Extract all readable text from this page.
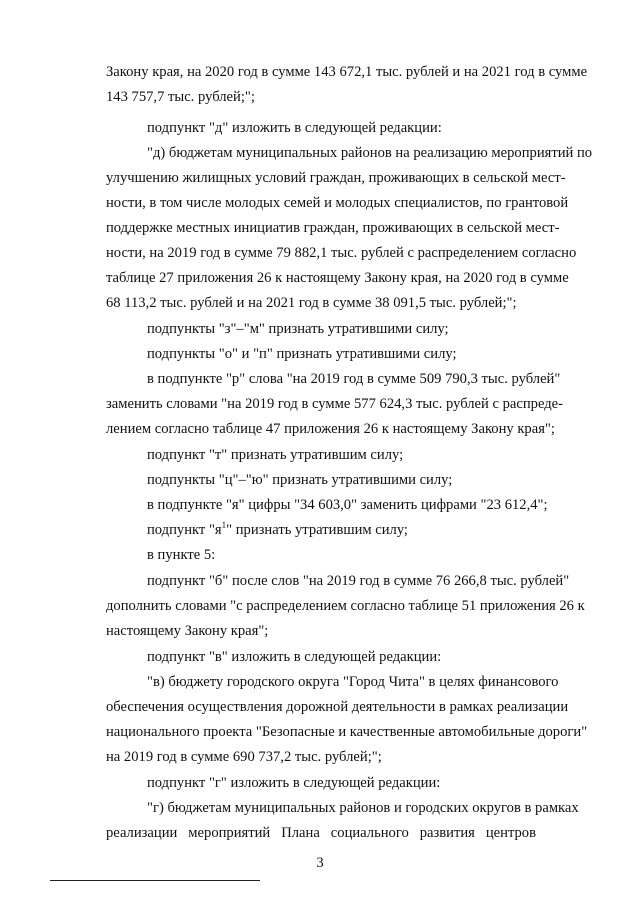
Закону края, на 2020 год в сумме 143 672,1 тыс. рублей и на 2021 год в сумме
143 757,7 тыс. рублей;";
подпункт "д" изложить в следующей редакции:
"д) бюджетам муниципальных районов на реализацию мероприятий по
улучшению жилищных условий граждан, проживающих в сельской мест-
ности, в том числе молодых семей и молодых специалистов, по грантовой
поддержке местных инициатив граждан, проживающих в сельской мест-
ности, на 2019 год в сумме 79 882,1 тыс. рублей с распределением согласно
таблице 27 приложения 26 к настоящему Закону края, на 2020 год в сумме
68 113,2 тыс. рублей и на 2021 год в сумме 38 091,5 тыс. рублей;";
подпункты "з"–"м" признать утратившими силу;
подпункты "о" и "п" признать утратившими силу;
в подпункте "р" слова "на 2019 год в сумме 509 790,3 тыс. рублей"
заменить словами "на 2019 год в сумме 577 624,3 тыс. рублей с распреде-
лением согласно таблице 47 приложения 26 к настоящему Закону края";
подпункт "т" признать утратившим силу;
подпункты "ц"–"ю" признать утратившими силу;
в подпункте "я" цифры "34 603,0" заменить цифрами "23 612,4";
подпункт "$я^1$" признать утратившим силу;
в пункте 5:
подпункт "б" после слов "на 2019 год в сумме 76 266,8 тыс. рублей"
дополнить словами "с распределением согласно таблице 51 приложения 26 к
настоящему Закону края";
подпункт "в" изложить в следующей редакции:
"в) бюджету городского округа "Город Чита" в целях финансового
обеспечения осуществления дорожной деятельности в рамках реализации
национального проекта "Безопасные и качественные автомобильные дороги"
на 2019 год в сумме 690 737,2 тыс. рублей;";
подпункт "г" изложить в следующей редакции:
"г) бюджетам муниципальных районов и городских округов в рамках
реализации мероприятий Плана социального развития центров
3
